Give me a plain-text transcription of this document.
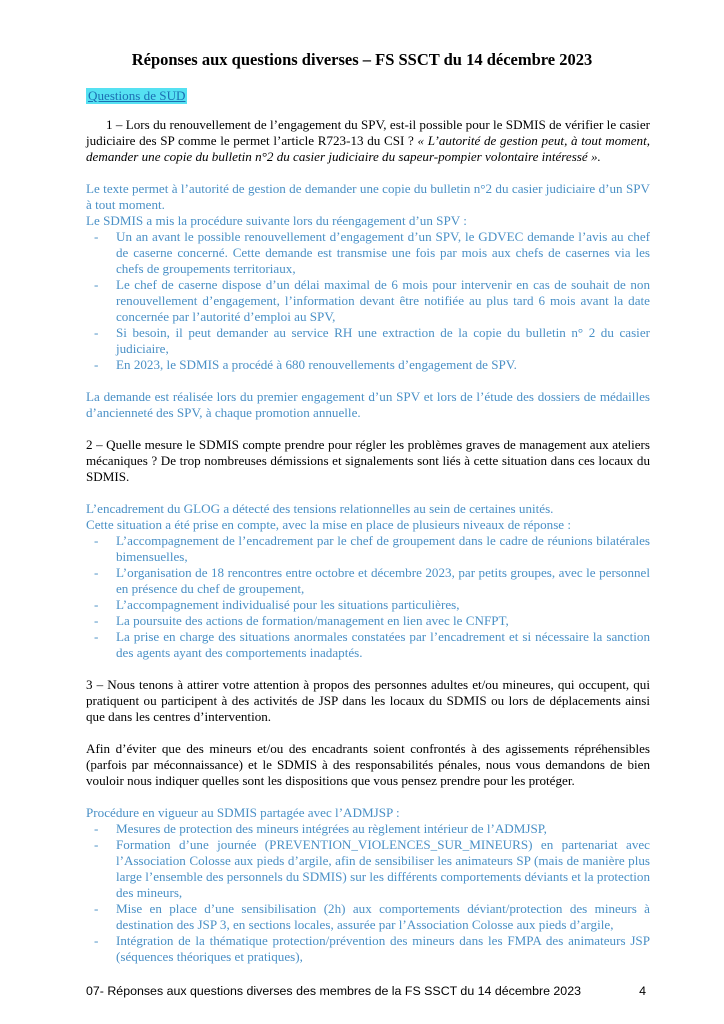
Réponses aux questions diverses – FS SSCT du 14 décembre 2023
Questions de SUD

1 – Lors du renouvellement de l’engagement du SPV, est-il possible pour le SDMIS de vérifier le casier judiciaire des SP comme le permet l’article R723-13 du CSI ? « L’autorité de gestion peut, à tout moment, demander une copie du bulletin n°2 du casier judiciaire du sapeur-pompier volontaire intéressé ».

Le texte permet à l’autorité de gestion de demander une copie du bulletin n°2 du casier judiciaire d’un SPV à tout moment.

Le SDMIS a mis la procédure suivante lors du réengagement d’un SPV :

- Un an avant le possible renouvellement d’engagement d’un SPV, le GDVEC demande l’avis au chef de caserne concerné. Cette demande est transmise une fois par mois aux chefs de casernes via les chefs de groupements territoriaux,
- Le chef de caserne dispose d’un délai maximal de 6 mois pour intervenir en cas de souhait de non renouvellement d’engagement, l’information devant être notifiée au plus tard 6 mois avant la date concernée par l’autorité d’emploi au SPV,
- Si besoin, il peut demander au service RH une extraction de la copie du bulletin n° 2 du casier judiciaire,
- En 2023, le SDMIS a procédé à 680 renouvellements d’engagement de SPV.

La demande est réalisée lors du premier engagement d’un SPV et lors de l’étude des dossiers de médailles d’ancienneté des SPV, à chaque promotion annuelle.

2 – Quelle mesure le SDMIS compte prendre pour régler les problèmes graves de management aux ateliers mécaniques ? De trop nombreuses démissions et signalements sont liés à cette situation dans ces locaux du SDMIS.

L’encadrement du GLOG a détecté des tensions relationnelles au sein de certaines unités.

Cette situation a été prise en compte, avec la mise en place de plusieurs niveaux de réponse :

- L’accompagnement de l’encadrement par le chef de groupement dans le cadre de réunions bilatérales bimensuelles,
- L’organisation de 18 rencontres entre octobre et décembre 2023, par petits groupes, avec le personnel en présence du chef de groupement,
- L’accompagnement individualisé pour les situations particulières,
- La poursuite des actions de formation/management en lien avec le CNFPT,
- La prise en charge des situations anormales constatées par l’encadrement et si nécessaire la sanction des agents ayant des comportements inadaptés.

3 – Nous tenons à attirer votre attention à propos des personnes adultes et/ou mineures, qui occupent, qui pratiquent ou participent à des activités de JSP dans les locaux du SDMIS ou lors de déplacements ainsi que dans les centres d’intervention.

Afin d’éviter que des mineurs et/ou des encadrants soient confrontés à des agissements répréhensibles (parfois par méconnaissance) et le SDMIS à des responsabilités pénales, nous vous demandons de bien vouloir nous indiquer quelles sont les dispositions que vous pensez prendre pour les protéger.

Procédure en vigueur au SDMIS partagée avec l’ADMJSP :

- Mesures de protection des mineurs intégrées au règlement intérieur de l’ADMJSP,
- Formation d’une journée (PREVENTION_VIOLENCES_SUR_MINEURS) en partenariat avec l’Association Colosse aux pieds d’argile, afin de sensibiliser les animateurs SP (mais de manière plus large l’ensemble des personnels du SDMIS) sur les différents comportements déviants et la protection des mineurs,
- Mise en place d’une sensibilisation (2h) aux comportements déviant/protection des mineurs à destination des JSP 3, en sections locales, assurée par l’Association Colosse aux pieds d’argile,
- Intégration de la thématique protection/prévention des mineurs dans les FMPA des animateurs JSP (séquences théoriques et pratiques),
07- Réponses aux questions diverses des membres de la FS SSCT du 14 décembre 2023	4
